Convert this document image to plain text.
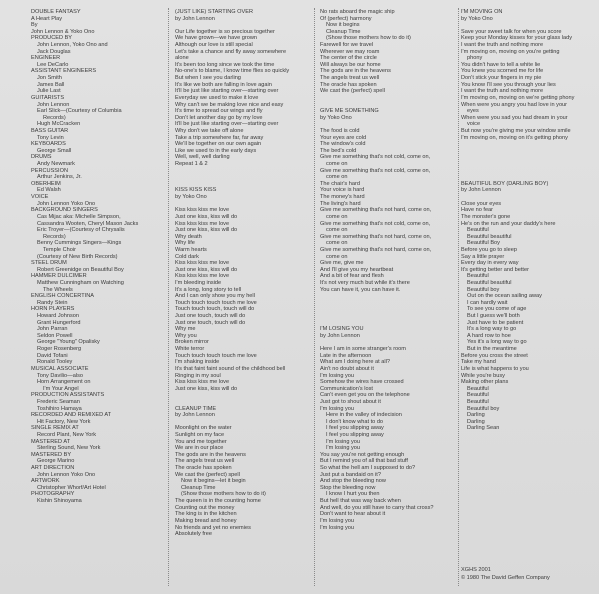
DOUBLE FANTASY
A Heart Play
By
John Lennon & Yoko Ono
PRODUCED BY
John Lennon, Yoko Ono and
Jack Douglas
ENGINEER
Lee DeCarlo
ASSISTANT ENGINEERS
Jon Smith
James Ball
Julie Last
GUITARISTS
John Lennon
Earl Slick—(Courtesy of Columbia
Records)
Hugh McCracken
BASS GUITAR
Tony Levin
KEYBOARDS
George Small
DRUMS
Andy Newmark
PERCUSSION
Arthur Jenkins, Jr.
OBERHEIM
Ed Walsh
VOICE
John Lennon Yoko Ono
BACKGROUND SINGERS
Cas Mijac aka: Michelle Simpson,
Cassandra Wooten, Cheryl Mason Jacks
Eric Troyer—(Courtesy of Chrysalis
Records)
Benny Cummings Singers—Kings
Temple Choir
(Courtesy of New Birth Records)
STEEL DRUM
Robert Greenidge on Beautiful Boy
HAMMER DULCIMER
Matthew Cunningham on Watching
The Wheels
ENGLISH CONCERTINA
Randy Stein
HORN PLAYERS
Howard Johnson
Grant Hungerford
John Parran
Seldon Powell
George "Young" Opalisky
Roger Rosenberg
David Tofani
Ronald Tooley
MUSICAL ASSOCIATE
Tony Davilio—also
Horn Arrangement on
I'm Your Angel
PRODUCTION ASSISTANTS
Frederic Seaman
Toshihiro Hamaya
RECORDED AND REMIXED AT
Hit Factory, New York
SINGLE REMIX AT
Record Plant, New York
MASTERED AT
Sterling Sound, New York
MASTERED BY
George Marino
ART DIRECTION
John Lennon Yoko Ono
ARTWORK
Christopher Whorf/Art Hotel
PHOTOGRAPHY
Kishin Shinoyama
(JUST LIKE) STARTING OVER
by John Lennon
Our Life together is so precious together
We have grown—we have grown
Although our love is still special
Let's take a chance and fly away somewhere
alone
It's been too long since we took the time
No-one's to blame, I know time flies so quickly
But when I see you darling
It's like we both are falling in love again
It'll be just like starting over—starting over
Everyday we used to make it love
Why can't we be making love nice and easy
It's time to spread our wings and fly
Don't let another day go by my love
It'll be just like starting over—starting over
Why don't we take off alone
Take a trip somewhere far, far away
We'll be together on our own again
Like we used to in the early days
Well, well, well darling
Repeat 1 & 2
KISS KISS KISS
by Yoko Ono
Kiss kiss kiss me love
Just one kiss, kiss will do
Kiss kiss kiss me love
Just one kiss, kiss will do
Why death
Why life
Warm hearts
Cold dark
Kiss kiss kiss me love
Just one kiss, kiss will do
Kiss kiss kiss me love
I'm bleeding inside
It's a long, long story to tell
And I can only show you my hell
Touch touch touch touch me love
Touch touch touch, touch will do
Just one touch, touch will do
Just one touch, touch will do
Why me
Why you
Broken mirror
White terror
Touch touch touch touch me love
I'm shaking inside
It's that faint faint sound of the childhood bell
Ringing in my soul
Kiss kiss kiss me love
Just one kiss, kiss will do
CLEANUP TIME
by John Lennon
Moonlight on the water
Sunlight on my face
You and me together
We are in our place
The gods are in the heavens
The angels treat us well
The oracle has spoken
We cast the (perfect) spell
Now it begins—let it begin
Cleanup Time
(Show those mothers how to do it)
The queen is in the counting home
Counting out the money
The king is in the kitchen
Making bread and honey
No friends and yet no enemies
Absolutely free
No rats aboard the magic ship
Of (perfect) harmony
Now it begins
Cleanup Time
(Show those mothers how to do it)
Farewell for we travel
Wherever we may roam
The center of the circle
Will always be our home
The gods are in the heavens
The angels treat us well
The oracle has spoken
We cast the (perfect) spell
GIVE ME SOMETHING
by Yoko Ono
The food is cold
Your eyes are cold
The window's cold
The bed's cold
Give me something that's not cold, come on,
come on
Give me something that's not cold, come on,
come on
The chair's hard
Your voice is hard
The money's hard
The living's hard
Give me something that's not hard, come on,
come on
Give me something that's not cold, come on,
come on
Give me something that's not hard, come on,
come on
Give me something that's not hard, come on,
come on
Give me, give me
And I'll give you my heartbeat
And a bit of fear and flesh
It's not very much but while it's there
You can have it, you can have it.
I'M LOSING YOU
by John Lennon
Here I am in some stranger's room
Late in the afternoon
What am I doing here at all?
Ain't no doubt about it
I'm losing you
Somehow the wires have crossed
Communication's lost
Can't even get you on the telephone
Just got to shout about it
I'm losing you
Here in the valley of indecision
I don't know what to do
I feel you slipping away
I feel you slipping away
I'm losing you
I'm losing you
You say you're not getting enough
But I remind you of all that bad stuff
So what the hell am I supposed to do?
Just put a bandaid on it?
And stop the bleeding now
Stop the bleeding now
I know I hurt you then
But hell that was way back when
And well, do you still have to carry that cross?
Don't want to hear about it
I'm losing you
I'm losing you
I'M MOVING ON
by Yoko Ono
Save your sweet talk for when you score
Keep your Monday kisses for your glass lady
I want the truth and nothing more
I'm moving on, moving on you're getting
phony
You didn't have to tell a white lie
You knew you scorned me for life
Don't stick your fingers in my pie
You know I'll see you through your lies
I want the truth and nothing more
I'm moving on, moving on we're getting phony
When were you angry you had love in your
eyes
When were you sad you had dream in your
voice
But now you're giving me your window smile
I'm moving on, moving on it's getting phony
BEAUTIFUL BOY (DARLING BOY)
by John Lennon
Close your eyes
Have no fear
The monster's gone
He's on the run and your daddy's here
Beautiful
Beautiful beautiful
Beautiful Boy
Before you go to sleep
Say a little prayer
Every day in every way
It's getting better and better
Beautiful
Beautiful beautiful
Beautiful boy
Out on the ocean sailing away
I can hardly wait
To see you come of age
But I guess we'll both
Just have to be patient
It's a long way to go
A hard row to hoe
Yes it's a long way to go
But in the meantime
Before you cross the street
Take my hand
Life is what happens to you
While you're busy
Making other plans
Beautiful
Beautiful
Beautiful
Beautiful boy
Darling
Darling
Darling Sean
XGHS 2001
© 1980 The David Geffen Company
